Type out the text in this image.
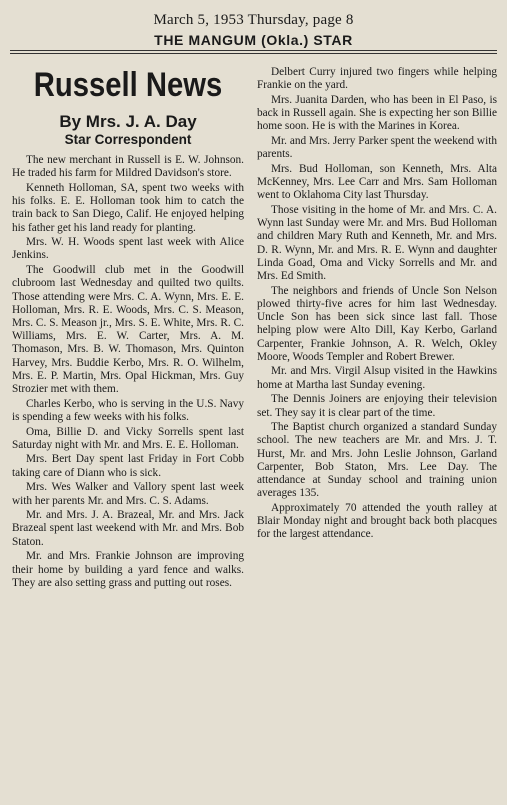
March 5, 1953 Thursday, page 8
THE MANGUM (Okla.) STAR
Russell News
By Mrs. J. A. Day
Star Correspondent

The new merchant in Russell is E. W. Johnson. He traded his farm for Mildred Davidson's store.

Kenneth Holloman, SA, spent two weeks with his folks. E. E. Holloman took him to catch the train back to San Diego, Calif. He enjoyed helping his father get his land ready for planting.

Mrs. W. H. Woods spent last week with Alice Jenkins.

The Goodwill club met in the Goodwill clubroom last Wednesday and quilted two quilts. Those attending were Mrs. C. A. Wynn, Mrs. E. E. Holloman, Mrs. R. E. Woods, Mrs. C. S. Meason, Mrs. C. S. Meason jr., Mrs. S. E. White, Mrs. R. C. Williams, Mrs. E. W. Carter, Mrs. A. M. Thomason, Mrs. B. W. Thomason, Mrs. Quinton Harvey, Mrs. Buddie Kerbo, Mrs. R. O. Wilhelm, Mrs. E. P. Martin, Mrs. Opal Hickman, Mrs. Guy Strozier met with them.

Charles Kerbo, who is serving in the U.S. Navy is spending a few weeks with his folks.

Oma, Billie D. and Vicky Sorrells spent last Saturday night with Mr. and Mrs. E. E. Holloman.

Mrs. Bert Day spent last Friday in Fort Cobb taking care of Diann who is sick.

Mrs. Wes Walker and Vallory spent last week with her parents Mr. and Mrs. C. S. Adams.

Mr. and Mrs. J. A. Brazeal, Mr. and Mrs. Jack Brazeal spent last weekend with Mr. and Mrs. Bob Staton.

Mr. and Mrs. Frankie Johnson are improving their home by building a yard fence and walks. They are also setting grass and putting out roses.

Delbert Curry injured two fingers while helping Frankie on the yard.

Mrs. Juanita Darden, who has been in El Paso, is back in Russell again. She is expecting her son Billie home soon. He is with the Marines in Korea.

Mr. and Mrs. Jerry Parker spent the weekend with parents.

Mrs. Bud Holloman, son Kenneth, Mrs. Alta McKenney, Mrs. Lee Carr and Mrs. Sam Holloman went to Oklahoma City last Thursday.

Those visiting in the home of Mr. and Mrs. C. A. Wynn last Sunday were Mr. and Mrs. Bud Holloman and children Mary Ruth and Kenneth, Mr. and Mrs. D. R. Wynn, Mr. and Mrs. R. E. Wynn and daughter Linda Goad, Oma and Vicky Sorrells and Mr. and Mrs. Ed Smith.

The neighbors and friends of Uncle Son Nelson plowed thirty-five acres for him last Wednesday. Uncle Son has been sick since last fall. Those helping plow were Alto Dill, Kay Kerbo, Garland Carpenter, Frankie Johnson, A. R. Welch, Okley Moore, Woods Templer and Robert Brewer.

Mr. and Mrs. Virgil Alsup visited in the Hawkins home at Martha last Sunday evening.

The Dennis Joiners are enjoying their television set. They say it is clear part of the time.

The Baptist church organized a standard Sunday school. The new teachers are Mr. and Mrs. J. T. Hurst, Mr. and Mrs. John Leslie Johnson, Garland Carpenter, Bob Staton, Mrs. Lee Day. The attendance at Sunday school and training union averages 135.

Approximately 70 attended the youth ralley at Blair Monday night and brought back both placques for the largest attendance.
